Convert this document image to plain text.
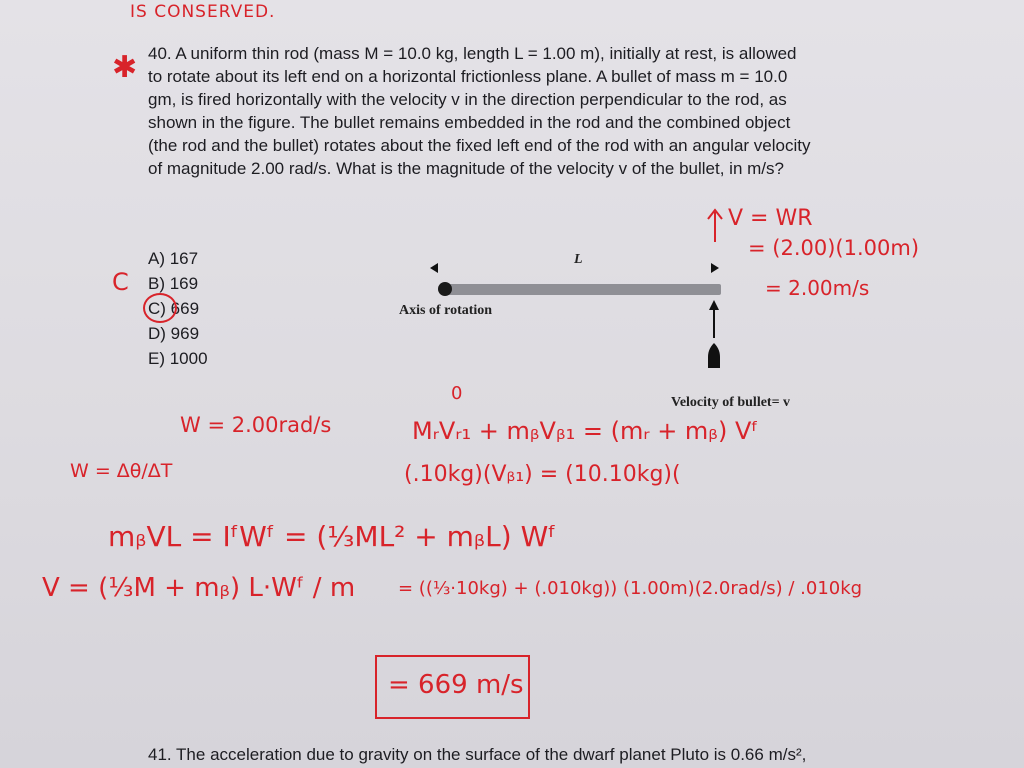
IS CONSERVED.
✱ 40. A uniform thin rod (mass M = 10.0 kg, length L = 1.00 m), initially at rest, is allowed
to rotate about its left end on a horizontal frictionless plane. A bullet of mass m = 10.0
gm, is fired horizontally with the velocity v in the direction perpendicular to the rod, as
shown in the figure. The bullet remains embedded in the rod and the combined object
(the rod and the bullet) rotates about the fixed left end of the rod with an angular velocity
of magnitude 2.00 rad/s. What is the magnitude of the velocity v of the bullet, in m/s?
A) 167
B) 169
C) 669
D) 969
E) 1000
C
L
Axis of rotation
Velocity of bullet= v
V = WR
= (2.00)(1.00m)
= 2.00m/s
0
W = 2.00rad/s
W = Δθ/ΔT
MᵣVᵣ₁ + mᵦVᵦ₁ = (mᵣ + mᵦ) Vᶠ
(.10kg)(Vᵦ₁) = (10.10kg)(
mᵦVL = IᶠWᶠ = (⅓ML² + mᵦL) Wᶠ
V = (⅓M + mᵦ) L·Wᶠ / m = ((⅓·10kg) + (.010kg)) (1.00m)(2.0rad/s) / .010kg
= 669 m/s
41. The acceleration due to gravity on the surface of the dwarf planet Pluto is 0.66 m/s²,
